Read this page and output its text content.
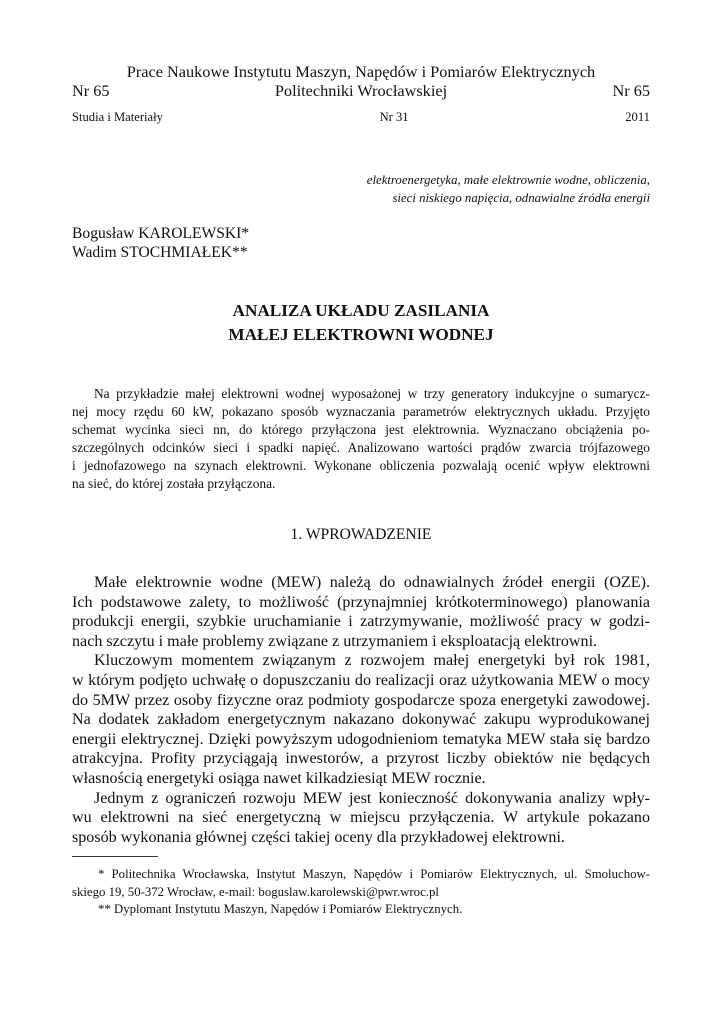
Prace Naukowe Instytutu Maszyn, Napędów i Pomiarów Elektrycznych
Nr 65	Politechniki Wrocławskiej	Nr 65
Studia i Materiały	Nr 31	2011
elektroenergetyka, małe elektrownie wodne, obliczenia,
sieci niskiego napięcia, odnawialne źródła energii
Bogusław KAROLEWSKI*
Wadim STOCHMIAŁEK**
ANALIZA UKŁADU ZASILANIA
MAŁEJ ELEKTROWNI WODNEJ
Na przykładzie małej elektrowni wodnej wyposażonej w trzy generatory indukcyjne o sumarycz-
nej mocy rzędu 60 kW, pokazano sposób wyznaczania parametrów elektrycznych układu. Przyjęto
schemat wycinka sieci nn, do którego przyłączona jest elektrownia. Wyznaczano obciążenia po-
szczególnych odcinków sieci i spadki napięć. Analizowano wartości prądów zwarcia trójfazowego
i jednofazowego na szynach elektrowni. Wykonane obliczenia pozwalają ocenić wpływ elektrowni
na sieć, do której została przyłączona.
1. WPROWADZENIE
Małe elektrownie wodne (MEW) należą do odnawialnych źródeł energii (OZE).
Ich podstawowe zalety, to możliwość (przynajmniej krótkoterminowego) planowania
produkcji energii, szybkie uruchamianie i zatrzymywanie, możliwość pracy w godzi-
nach szczytu i małe problemy związane z utrzymaniem i eksploatacją elektrowni.
Kluczowym momentem związanym z rozwojem małej energetyki był rok 1981,
w którym podjęto uchwałę o dopuszczaniu do realizacji oraz użytkowania MEW o mocy
do 5MW przez osoby fizyczne oraz podmioty gospodarcze spoza energetyki zawodowej.
Na dodatek zakładom energetycznym nakazano dokonywać zakupu wyprodukowanej
energii elektrycznej. Dzięki powyższym udogodnieniom tematyka MEW stała się bardzo
atrakcyjna. Profity przyciągają inwestorów, a przyrost liczby obiektów nie będących
własnością energetyki osiąga nawet kilkadziesiąt MEW rocznie.
Jednym z ograniczeń rozwoju MEW jest konieczność dokonywania analizy wpły-
wu elektrowni na sieć energetyczną w miejscu przyłączenia. W artykule pokazano
sposób wykonania głównej części takiej oceny dla przykładowej elektrowni.
* Politechnika Wrocławska, Instytut Maszyn, Napędów i Pomiarów Elektrycznych, ul. Smoluchow-
skiego 19, 50-372 Wrocław, e-mail: boguslaw.karolewski@pwr.wroc.pl
** Dyplomant Instytutu Maszyn, Napędów i Pomiarów Elektrycznych.
